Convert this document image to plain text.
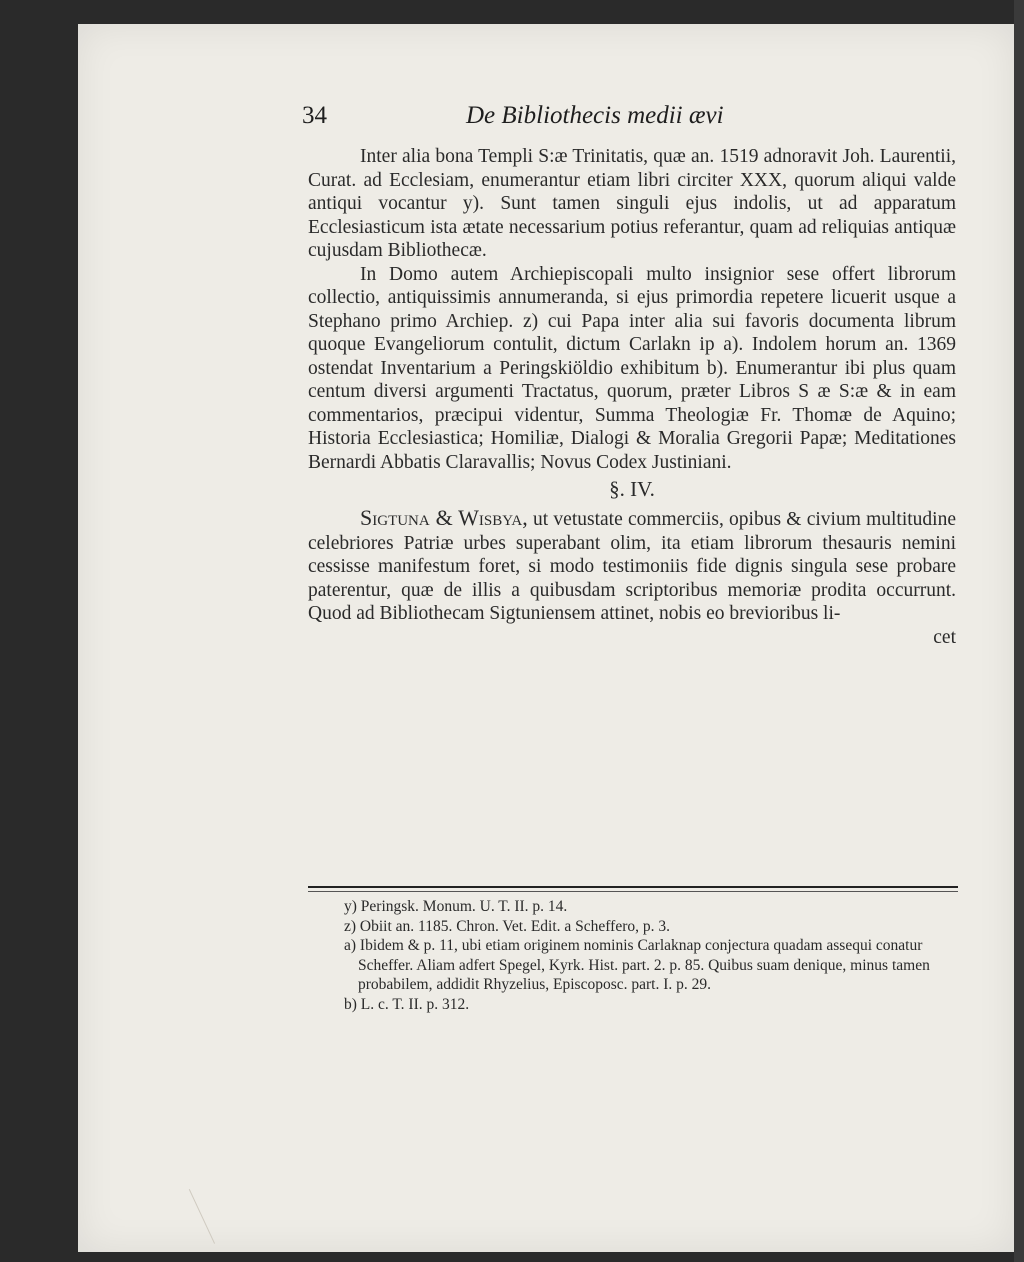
34	De Bibliothecis medii ævi

Inter alia bona Templi S:æ Trinitatis, quæ an. 1519 adnoravit Joh. Laurentii, Curat. ad Ecclesiam, enumerantur etiam libri circiter XXX, quorum aliqui valde antiqui vocantur y). Sunt tamen singuli ejus indolis, ut ad apparatum Ecclesiasticum ista ætate necessarium potius referantur, quam ad reliquias antiquæ cujusdam Bibliothecæ.

In Domo autem Archiepiscopali multo insignior sese offert librorum collectio, antiquissimis annumeranda, si ejus primordia repetere licuerit usque a Stephano primo Archiep. z) cui Papa inter alia sui favoris documenta librum quoque Evangeliorum contulit, dictum Carlakn ip a). Indolem horum an. 1369 ostendat Inventarium a Peringskiöldio exhibitum b). Enumerantur ibi plus quam centum diversi argumenti Tractatus, quorum, præter Libros S æ S:æ & in eam commentarios, præcipui videntur, Summa Theologiæ Fr. Thomæ de Aquino; Historia Ecclesiastica; Homiliæ, Dialogi & Moralia Gregorii Papæ; Meditationes Bernardi Abbatis Claravallis; Novus Codex Justiniani.

§. IV.

Sigtuna & Wisbya, ut vetustate commerciis, opibus & civium multitudine celebriores Patriæ urbes superabant olim, ita etiam librorum thesauris nemini cessisse manifestum foret, si modo testimoniis fide dignis singula sese probare paterentur, quæ de illis a quibusdam scriptoribus memoriæ prodita occurrunt. Quod ad Bibliothecam Sigtuniensem attinet, nobis eo brevioribus li-

cet

y) Peringsk. Monum. U. T. II. p. 14.

z) Obiit an. 1185. Chron. Vet. Edit. a Schefferο, p. 3.

a) Ibidem & p. 11, ubi etiam originem nominis Carlaknap conjectura quadam assequi conatur Scheffer. Aliam adfert Spegel, Kyrk. Hist. part. 2. p. 85. Quibus suam denique, minus tamen probabilem, addidit Rhyzelius, Episcoposc. part. I. p. 29.

b) L. c. T. II. p. 312.
